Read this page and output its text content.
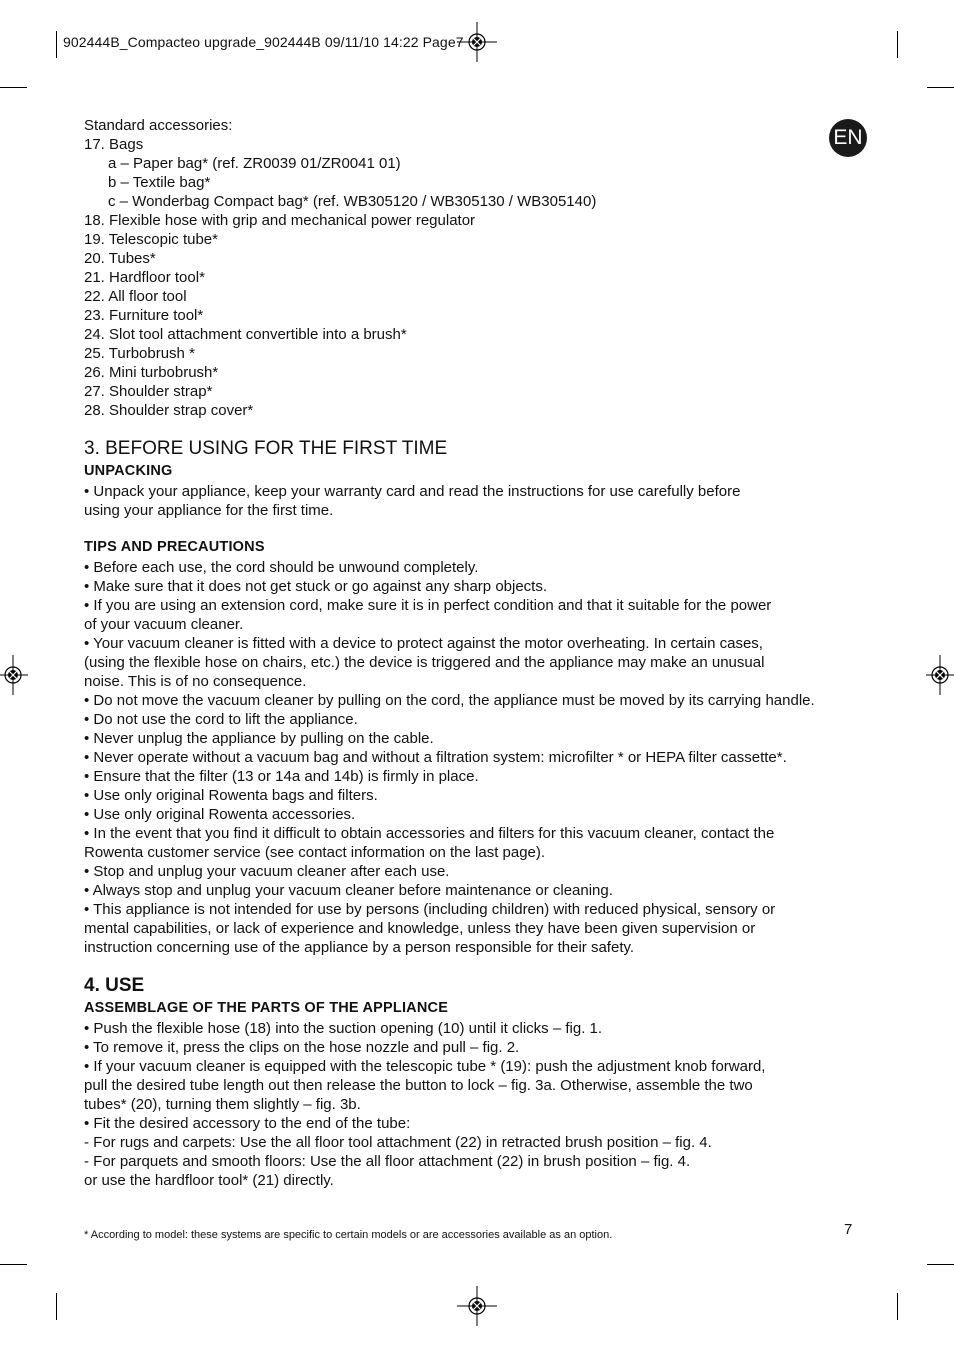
902444B_Compacteo upgrade_902444B 09/11/10 14:22 Page7
EN
Standard accessories:
17. Bags
a – Paper bag* (ref. ZR0039 01/ZR0041 01)
b – Textile bag*
c – Wonderbag Compact bag* (ref. WB305120 / WB305130 / WB305140)
18. Flexible hose with grip and mechanical power regulator
19. Telescopic tube*
20. Tubes*
21. Hardfloor tool*
22. All floor tool
23. Furniture tool*
24. Slot tool attachment convertible into a brush*
25. Turbobrush *
26. Mini turbobrush*
27. Shoulder strap*
28. Shoulder strap cover*
3. BEFORE USING FOR THE FIRST TIME
UNPACKING
• Unpack your appliance, keep your warranty card and read the instructions for use carefully before
using your appliance for the first time.
TIPS AND PRECAUTIONS
• Before each use, the cord should be unwound completely.
• Make sure that it does not get stuck or go against any sharp objects.
• If you are using an extension cord, make sure it is in perfect condition and that it suitable for the power
of your vacuum cleaner.
• Your vacuum cleaner is fitted with a device to protect against the motor overheating. In certain cases,
(using the flexible hose on chairs, etc.) the device is triggered and the appliance may make an unusual
noise. This is of no consequence.
• Do not move the vacuum cleaner by pulling on the cord, the appliance must be moved by its carrying handle.
• Do not use the cord to lift the appliance.
• Never unplug the appliance by pulling on the cable.
• Never operate without a vacuum bag and without a filtration system: microfilter * or HEPA filter cassette*.
• Ensure that the filter (13 or 14a and 14b) is firmly in place.
• Use only original Rowenta bags and filters.
• Use only original Rowenta accessories.
• In the event that you find it difficult to obtain accessories and filters for this vacuum cleaner, contact the
Rowenta customer service (see contact information on the last page).
• Stop and unplug your vacuum cleaner after each use.
• Always stop and unplug your vacuum cleaner before maintenance or cleaning.
• This appliance is not intended for use by persons (including children) with reduced physical, sensory or
mental capabilities, or lack of experience and knowledge, unless they have been given supervision or
instruction concerning use of the appliance by a person responsible for their safety.
4. USE
ASSEMBLAGE OF THE PARTS OF THE APPLIANCE
• Push the flexible hose (18) into the suction opening (10) until it clicks – fig. 1.
• To remove it, press the clips on the hose nozzle and pull – fig. 2.
• If your vacuum cleaner is equipped with the telescopic tube * (19): push the adjustment knob forward,
pull the desired tube length out then release the button to lock – fig. 3a. Otherwise, assemble the two
tubes* (20), turning them slightly – fig. 3b.
• Fit the desired accessory to the end of the tube:
- For rugs and carpets: Use the all floor tool attachment (22) in retracted brush position – fig. 4.
- For parquets and smooth floors: Use the all floor attachment (22) in brush position – fig. 4.
or use the hardfloor tool* (21) directly.
* According to model: these systems are specific to certain models or are accessories available as an option.	7
